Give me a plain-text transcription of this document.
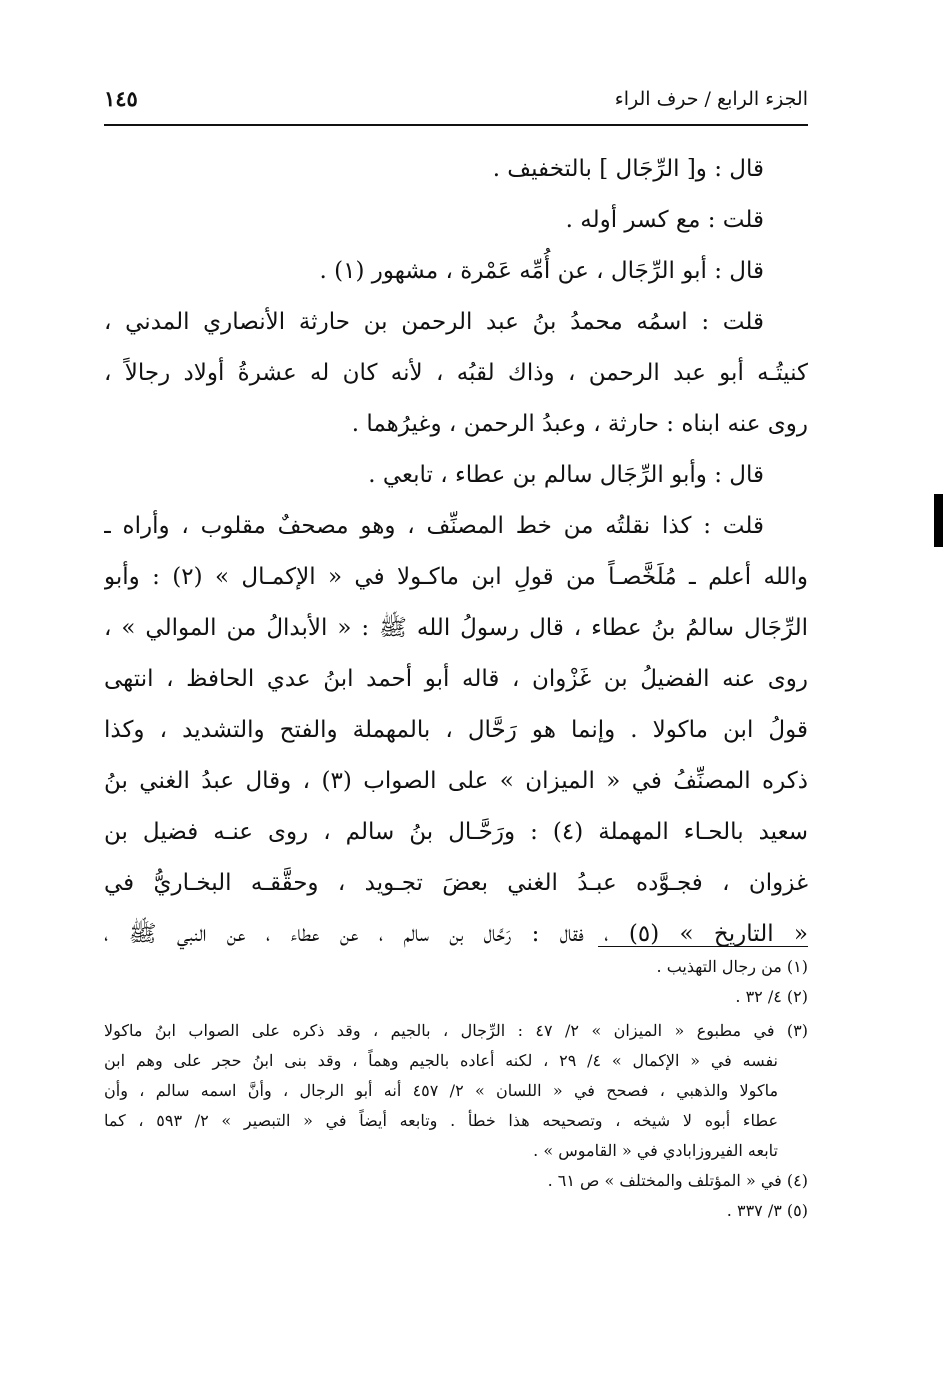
الجزء الرابع / حرف الراء
١٤٥
قال : و[ الرِّجَال ] بالتخفيف .
قلت : مع كسر أوله .
قال : أبو الرِّجَال ، عن أُمِّه عَمْرة ، مشهور (١) .
قلت : اسمُه محمدُ بنُ عبد الرحمن بن حارثة الأنصاري المدني ،
كنيتُـه أبو عبد الرحمن ، وذاك لقبُه ، لأنه كان له عشرةُ أولاد رجالاً ،
روى عنه ابناه : حارثة ، وعبدُ الرحمن ، وغيرُهما .
قال : وأبو الرِّجَال سالم بن عطاء ، تابعي .
قلت : كذا نقلتُه من خط المصنِّف ، وهو مصحفٌ مقلوب ، وأراه ـ
والله أعلم ـ مُلَخَّصـاً من قولِ ابن ماكـولا في « الإكمـال » (٢) : وأبو
الرِّجَال سالمُ بنُ عطاء ، قال رسولُ الله ﷺ : « الأبدالُ من الموالي » ،
روى عنه الفضيلُ بن غَزْوان ، قاله أبو أحمد ابنُ عدي الحافظ ، انتهى
قولُ ابن ماكولا . وإنما هو رَحَّال ، بالمهملة والفتح والتشديد ، وكذا
ذكره المصنِّفُ في « الميزان » على الصواب (٣) ، وقال عبدُ الغني بنُ
سعيد بالحـاء المهملة (٤) : ورَحَّـال بنُ سالم ، روى عنـه فضيل بن
غزوان ، فجـوَّده عبـدُ الغني بعضَ تجـويد ، وحقَّقـه البخـاريُّ في
« التاريخ » (٥) ، فقال : رَحَّال بن سالم ، عن عطاء ، عن النبي ﷺ ،
(١) من رجال التهذيب .
(٢) ٤/ ٣٢ .
(٣) في مطبوع « الميزان » ٢/ ٤٧ : الرِّجال ، بالجيم ، وقد ذكره على الصواب ابنُ ماكولا
نفسه في « الإكمال » ٤/ ٢٩ ، لكنه أعاده بالجيم وهماً ، وقد بنى ابنُ حجر على وهم ابن
ماكولا والذهبي ، فصحح في « اللسان » ٢/ ٤٥٧ أنه أبو الرجال ، وأنَّ اسمه سالم ، وأن
عطاء أبوه لا شيخه ، وتصحيحه هذا خطأ . وتابعه أيضاً في « التبصير » ٢/ ٥٩٣ ، كما
تابعه الفيروزابادي في « القاموس » .
(٤) في « المؤتلف والمختلف » ص ٦١ .
(٥) ٣/ ٣٣٧ .
